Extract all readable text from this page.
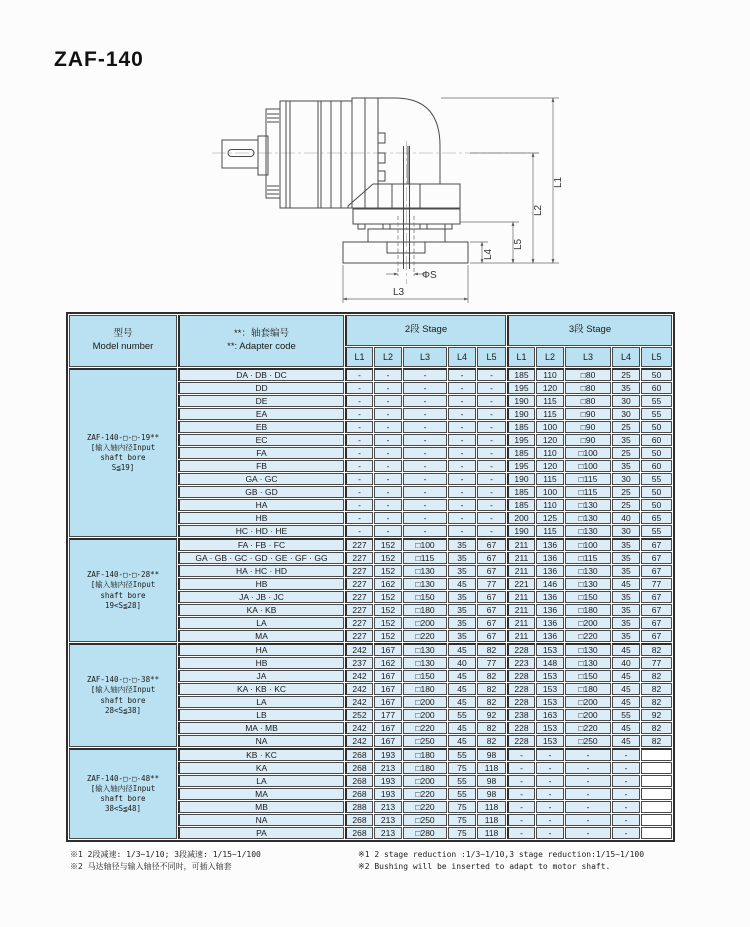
ZAF-140
L1
L2
L5
L4
L3
ΦS
型号
Model number

**：轴套编号
**: Adapter code
	2段 Stage	3段 Stage
		L1	L2	L3	L4	L5	L1	L2	L3	L4	L5

ZAF-140-□-□-19**
[输入轴内径Input
shaft bore
S≦19]	DA · DB · DC	-	-	-	-	-	185	110	□80	25	50
	DD	-	-	-	-	-	195	120	□80	35	60
	DE	-	-	-	-	-	190	115	□80	30	55
	EA	-	-	-	-	-	190	115	□90	30	55
	EB	-	-	-	-	-	185	100	□90	25	50
	EC	-	-	-	-	-	195	120	□90	35	60
	FA	-	-	-	-	-	185	110	□100	25	50
	FB	-	-	-	-	-	195	120	□100	35	60
	GA · GC	-	-	-	-	-	190	115	□115	30	55
	GB · GD	-	-	-	-	-	185	100	□115	25	50
	HA	-	-	-	-	-	185	110	□130	25	50
	HB	-	-	-	-	-	200	125	□130	40	65
	HC · HD · HE	-	-	-	-	-	190	115	□130	30	55

ZAF-140-□-□-28**
[输入轴内径Input
shaft bore
19<S≦28]	FA · FB · FC	227	152	□100	35	67	211	136	□100	35	67
	GA · GB · GC · GD · GE · GF · GG	227	152	□115	35	67	211	136	□115	35	67
	HA · HC · HD	227	152	□130	35	67	211	136	□130	35	67
	HB	227	162	□130	45	77	221	146	□130	45	77
	JA · JB · JC	227	152	□150	35	67	211	136	□150	35	67
	KA · KB	227	152	□180	35	67	211	136	□180	35	67
	LA	227	152	□200	35	67	211	136	□200	35	67
	MA	227	152	□220	35	67	211	136	□220	35	67

ZAF-140-□-□-38**
[输入轴内径Input
shaft bore
28<S≦38]	HA	242	167	□130	45	82	228	153	□130	45	82
	HB	237	162	□130	40	77	223	148	□130	40	77
	JA	242	167	□150	45	82	228	153	□150	45	82
	KA · KB · KC	242	167	□180	45	82	228	153	□180	45	82
	LA	242	167	□200	45	82	228	153	□200	45	82
	LB	252	177	□200	55	92	238	163	□200	55	92
	MA · MB	242	167	□220	45	82	228	153	□220	45	82
	NA	242	167	□250	45	82	228	153	□250	45	82

ZAF-140-□-□-48**
[输入轴内径Input
shaft bore
38<S≦48]	KB · KC	268	193	□180	55	98	-	-	-	-	
	KA	268	213	□180	75	118	-	-	-	-	
	LA	268	193	□200	55	98	-	-	-	-	
	MA	268	193	□220	55	98	-	-	-	-	
	MB	288	213	□220	75	118	-	-	-	-	
	NA	268	213	□250	75	118	-	-	-	-	
	PA	268	213	□280	75	118	-	-	-	-	
※1 2段减速: 1/3~1/10; 3段减速: 1/15~1/100
※2 马达轴径与输入轴径不同时，可插入轴套
※1 2 stage reduction :1/3~1/10,3 stage reduction:1/15~1/100
※2 Bushing will be inserted to adapt to motor shaft.
